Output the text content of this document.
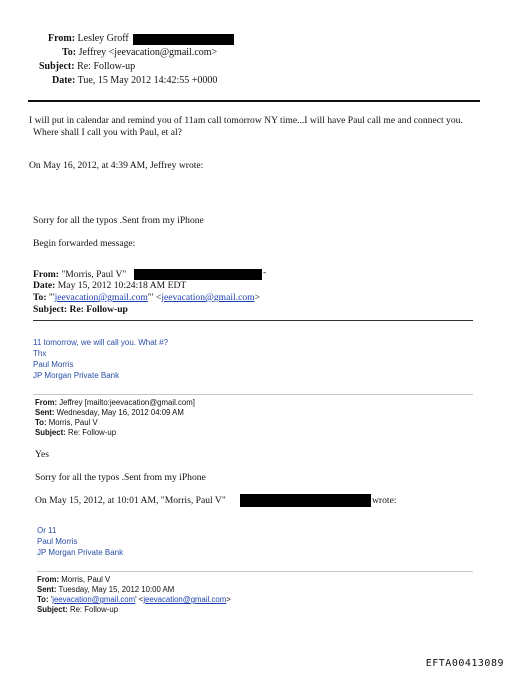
From: Lesley Groff
To: Jeffrey <jeevacation@gmail.com>
Subject: Re: Follow-up
Date: Tue, 15 May 2012 14:42:55 +0000
I will put in calendar and remind you of 11am call tomorrow NY time...I will have Paul call me and connect you.
Where shall I call you with Paul, et al?
On May 16, 2012, at 4:39 AM, Jeffrey wrote:
Sorry for all the typos .Sent from my iPhone
Begin forwarded message:
From: "Morris, Paul V"	-
Date: May 15, 2012 10:24:18 AM EDT
To: "'jeevacation@gmail.com'" <jeevacation@gmail.com>
Subject: Re: Follow-up
11 tomorrow, we will call you. What #?
Thx
Paul Morris
JP Morgan Private Bank
From: Jeffrey [mailto:jeevacation@gmail.com]
Sent: Wednesday, May 16, 2012 04:09 AM
To: Morris, Paul V
Subject: Re: Follow-up
Yes
Sorry for all the typos .Sent from my iPhone
On May 15, 2012, at 10:01 AM, "Morris, Paul V"	wrote:
Or 11
Paul Morris
JP Morgan Private Bank
From: Morris, Paul V
Sent: Tuesday, May 15, 2012 10:00 AM
To: 'jeevacation@gmail.com' <jeevacation@gmail.com>
Subject: Re: Follow-up
EFTA00413089
